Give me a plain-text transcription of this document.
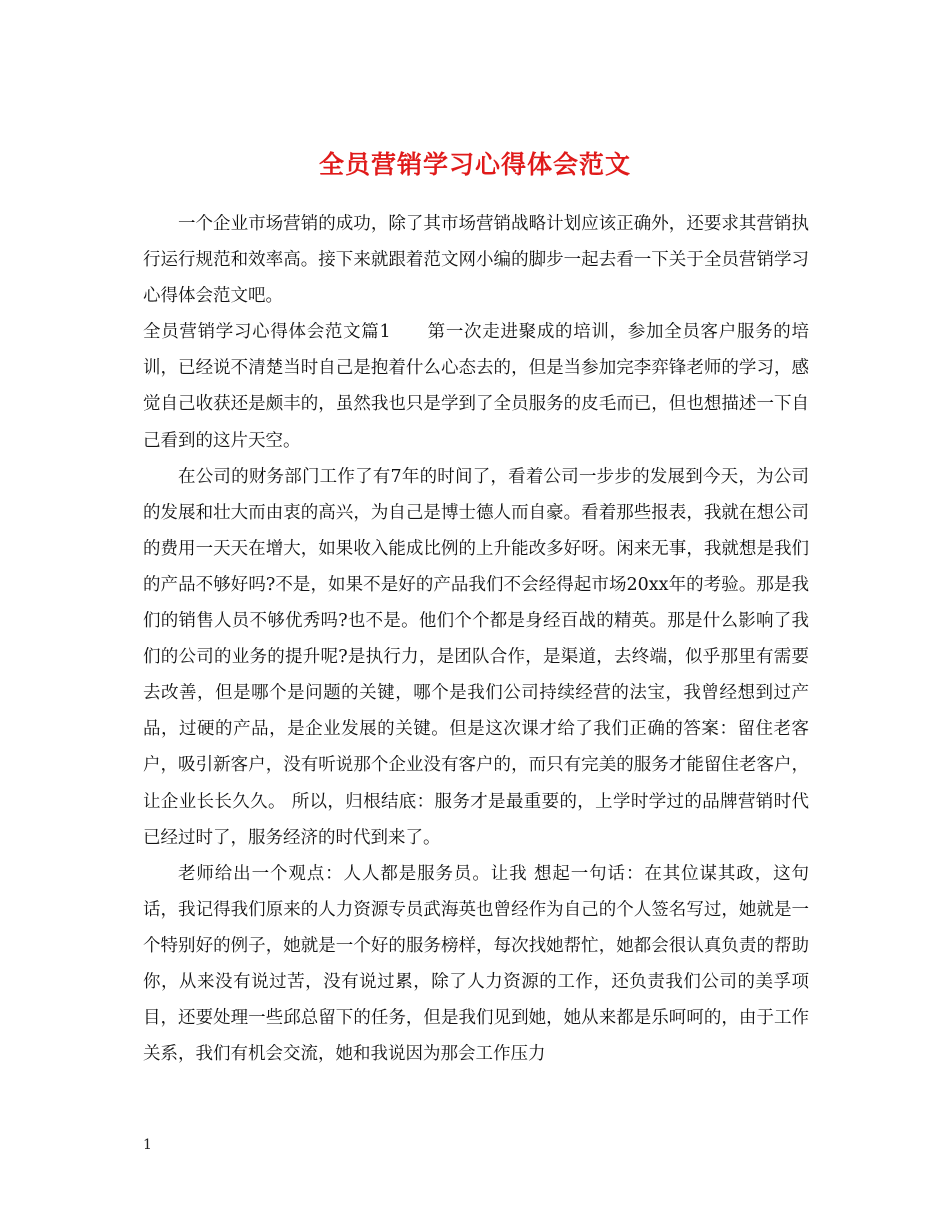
全员营销学习心得体会范文

一个企业市场营销的成功，除了其市场营销战略计划应该正确外，还要求其营销执行运行规范和效率高。接下来就跟着范文网小编的脚步一起去看一下关于全员营销学习心得体会范文吧。

全员营销学习心得体会范文篇1　　第一次走进聚成的培训，参加全员客户服务的培训，已经说不清楚当时自己是抱着什么心态去的，但是当参加完李弈锋老师的学习，感觉自己收获还是颇丰的，虽然我也只是学到了全员服务的皮毛而已，但也想描述一下自己看到的这片天空。

在公司的财务部门工作了有7年的时间了，看着公司一步步的发展到今天，为公司的发展和壮大而由衷的高兴，为自己是博士德人而自豪。看着那些报表，我就在想公司的费用一天天在增大，如果收入能成比例的上升能改多好呀。闲来无事，我就想是我们的产品不够好吗?不是，如果不是好的产品我们不会经得起市场20xx年的考验。那是我们的销售人员不够优秀吗?也不是。他们个个都是身经百战的精英。那是什么影响了我们的公司的业务的提升呢?是执行力，是团队合作，是渠道，去终端，似乎那里有需要去改善，但是哪个是问题的关键，哪个是我们公司持续经营的法宝，我曾经想到过产品，过硬的产品，是企业发展的关键。但是这次课才给了我们正确的答案：留住老客户，吸引新客户，没有听说那个企业没有客户的，而只有完美的服务才能留住老客户，让企业长长久久。 所以，归根结底：服务才是最重要的，上学时学过的品牌营销时代已经过时了，服务经济的时代到来了。

老师给出一个观点：人人都是服务员。让我 想起一句话：在其位谋其政，这句话，我记得我们原来的人力资源专员武海英也曾经作为自己的个人签名写过，她就是一个特别好的例子，她就是一个好的服务榜样，每次找她帮忙，她都会很认真负责的帮助你，从来没有说过苦，没有说过累，除了人力资源的工作，还负责我们公司的美孚项目，还要处理一些邱总留下的任务，但是我们见到她，她从来都是乐呵呵的，由于工作关系，我们有机会交流，她和我说因为那会工作压力

1
